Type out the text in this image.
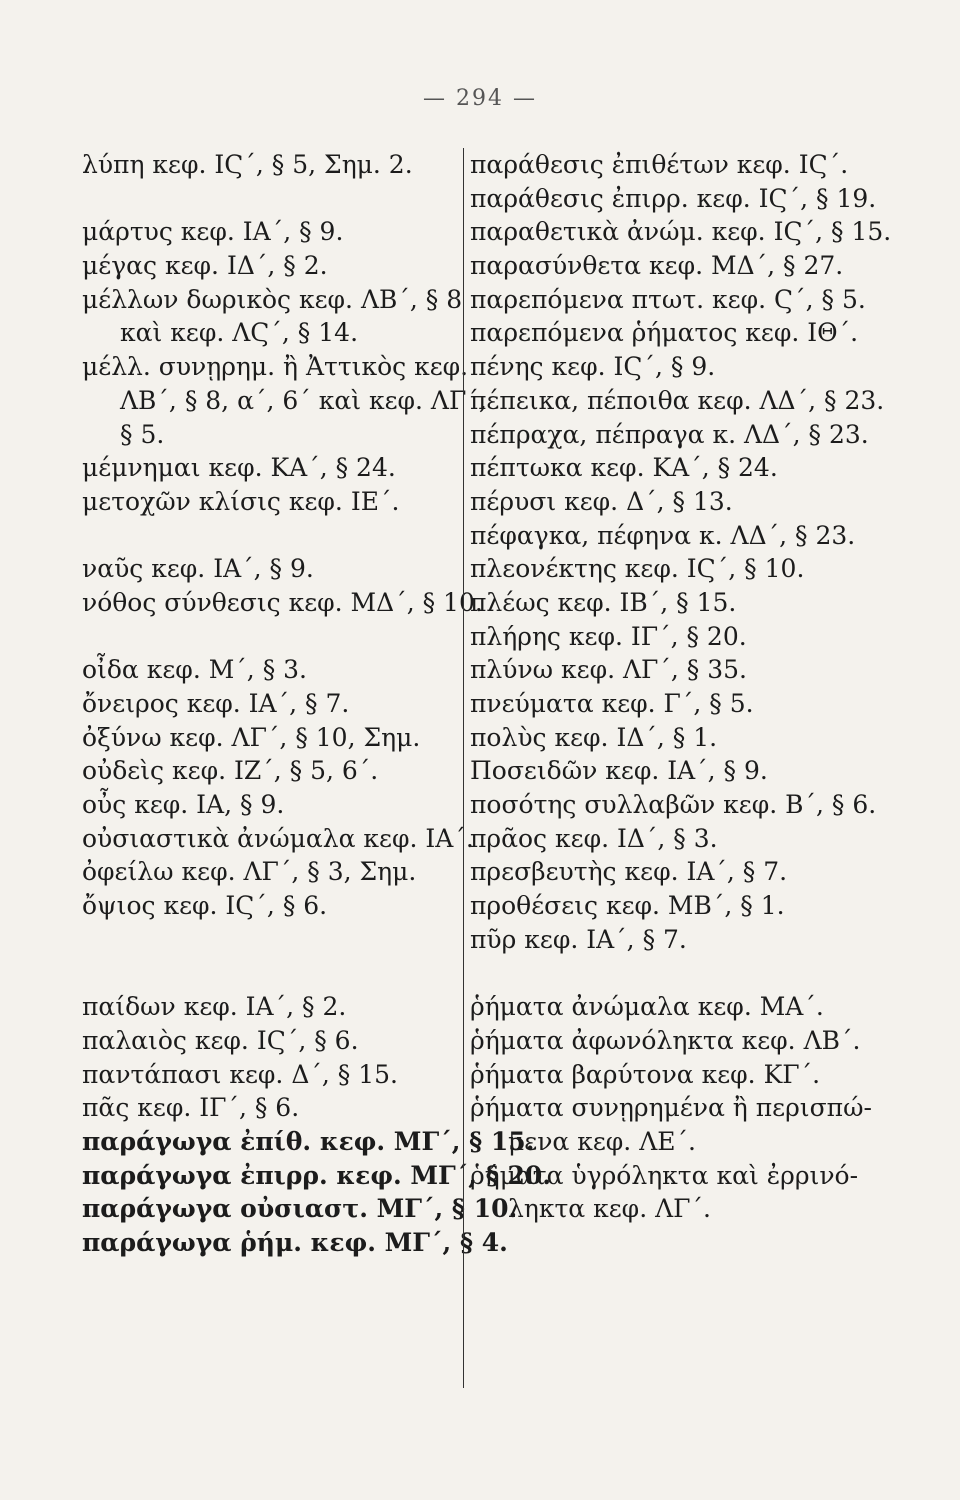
— 294 —
λύπη κεφ. ΙϚ΄, § 5, Σημ. 2.
μάρτυς κεφ. ΙΑ΄, § 9.
μέγας κεφ. ΙΔ΄, § 2.
μέλλων δωρικὸς κεφ. ΛΒ΄, § 8
καὶ κεφ. ΛϚ΄, § 14.
μέλλ. συνῃρημ. ἢ Ἀττικὸς κεφ.
ΛΒ΄, § 8, α΄, 6΄ καὶ κεφ. ΛΓ΄,
§ 5.
μέμνημαι κεφ. ΚΑ΄, § 24.
μετοχῶν κλίσις κεφ. ΙΕ΄.
ναῦς κεφ. ΙΑ΄, § 9.
νόθος σύνθεσις κεφ. ΜΔ΄, § 10.
οἶδα κεφ. Μ΄, § 3.
ὄνειρος κεφ. ΙΑ΄, § 7.
ὀξύνω κεφ. ΛΓ΄, § 10, Σημ.
οὐδεὶς κεφ. ΙΖ΄, § 5, 6΄.
οὖς κεφ. ΙΑ, § 9.
οὐσιαστικὰ ἀνώμαλα κεφ. ΙΑ΄.
ὀφείλω κεφ. ΛΓ΄, § 3, Σημ.
ὄψιος κεφ. ΙϚ΄, § 6.
παίδων κεφ. ΙΑ΄, § 2.
παλαιὸς κεφ. ΙϚ΄, § 6.
παντάπασι κεφ. Δ΄, § 15.
πᾶς κεφ. ΙΓ΄, § 6.
παράγωγα ἐπίθ. κεφ. ΜΓ΄, § 15.
παράγωγα ἐπιρρ. κεφ. ΜΓ΄, § 20.
παράγωγα οὐσιαστ. ΜΓ΄, § 10.
παράγωγα ῥήμ. κεφ. ΜΓ΄, § 4.
παράθεσις ἐπιθέτων κεφ. ΙϚ΄.
παράθεσις ἐπιρρ. κεφ. ΙϚ΄, § 19.
παραθετικὰ ἀνώμ. κεφ. ΙϚ΄, § 15.
παρασύνθετα κεφ. ΜΔ΄, § 27.
παρεπόμενα πτωτ. κεφ. Ϛ΄, § 5.
παρεπόμενα ῥήματος κεφ. ΙΘ΄.
πένης κεφ. ΙϚ΄, § 9.
πέπεικα, πέποιθα κεφ. ΛΔ΄, § 23.
πέπραχα, πέπραγα κ. ΛΔ΄, § 23.
πέπτωκα κεφ. ΚΑ΄, § 24.
πέρυσι κεφ. Δ΄, § 13.
πέφαγκα, πέφηνα κ. ΛΔ΄, § 23.
πλεονέκτης κεφ. ΙϚ΄, § 10.
πλέως κεφ. ΙΒ΄, § 15.
πλήρης κεφ. ΙΓ΄, § 20.
πλύνω κεφ. ΛΓ΄, § 35.
πνεύματα κεφ. Γ΄, § 5.
πολὺς κεφ. ΙΔ΄, § 1.
Ποσειδῶν κεφ. ΙΑ΄, § 9.
ποσότης συλλαβῶν κεφ. Β΄, § 6.
πρᾶος κεφ. ΙΔ΄, § 3.
πρεσβευτὴς κεφ. ΙΑ΄, § 7.
προθέσεις κεφ. ΜΒ΄, § 1.
πῦρ κεφ. ΙΑ΄, § 7.
ῥήματα ἀνώμαλα κεφ. ΜΑ΄.
ῥήματα ἀφωνόληκτα κεφ. ΛΒ΄.
ῥήματα βαρύτονα κεφ. ΚΓ΄.
ῥήματα συνῃρημένα ἢ περισπώ-
μενα κεφ. ΛΕ΄.
ῥήματα ὑγρόληκτα καὶ ἐρρινό-
ληκτα κεφ. ΛΓ΄.
